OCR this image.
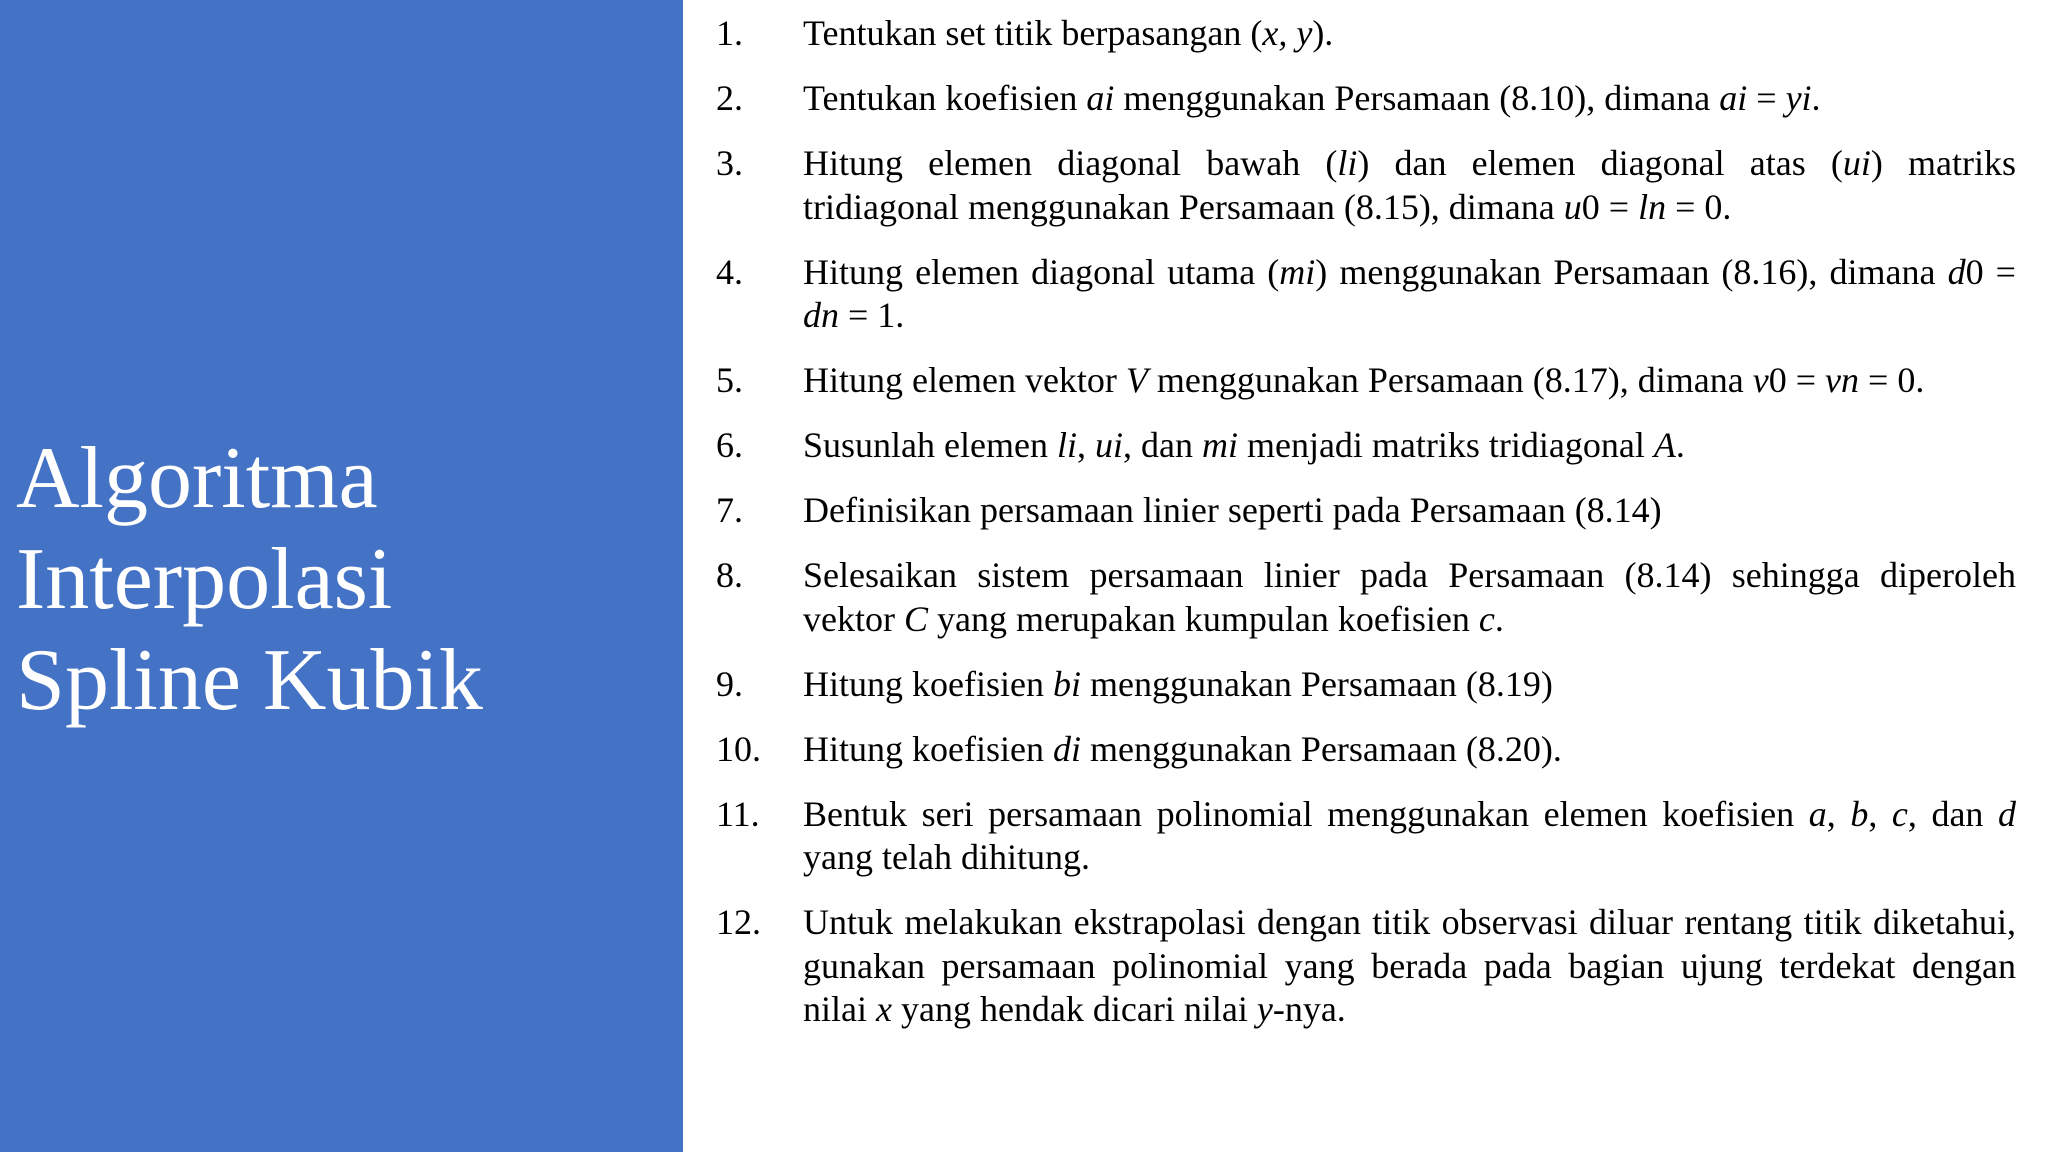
Algoritma
Interpolasi
Spline Kubik
1.	Tentukan set titik berpasangan (x, y).
2.	Tentukan koefisien ai menggunakan Persamaan (8.10), dimana ai = yi.
3.	Hitung elemen diagonal bawah (li) dan elemen diagonal atas (ui) matriks tridiagonal menggunakan Persamaan (8.15), dimana u0 = ln = 0.
4.	Hitung elemen diagonal utama (mi) menggunakan Persamaan (8.16), dimana d0 = dn = 1.
5.	Hitung elemen vektor V menggunakan Persamaan (8.17), dimana v0 = vn = 0.
6.	Susunlah elemen li, ui, dan mi menjadi matriks tridiagonal A.
7.	Definisikan persamaan linier seperti pada Persamaan (8.14)
8.	Selesaikan sistem persamaan linier pada Persamaan (8.14) sehingga diperoleh vektor C yang merupakan kumpulan koefisien c.
9.	Hitung koefisien bi menggunakan Persamaan (8.19)
10.	Hitung koefisien di menggunakan Persamaan (8.20).
11.	Bentuk seri persamaan polinomial menggunakan elemen koefisien a, b, c, dan d yang telah dihitung.
12.	Untuk melakukan ekstrapolasi dengan titik observasi diluar rentang titik diketahui, gunakan persamaan polinomial yang berada pada bagian ujung terdekat dengan nilai x yang hendak dicari nilai y-nya.
